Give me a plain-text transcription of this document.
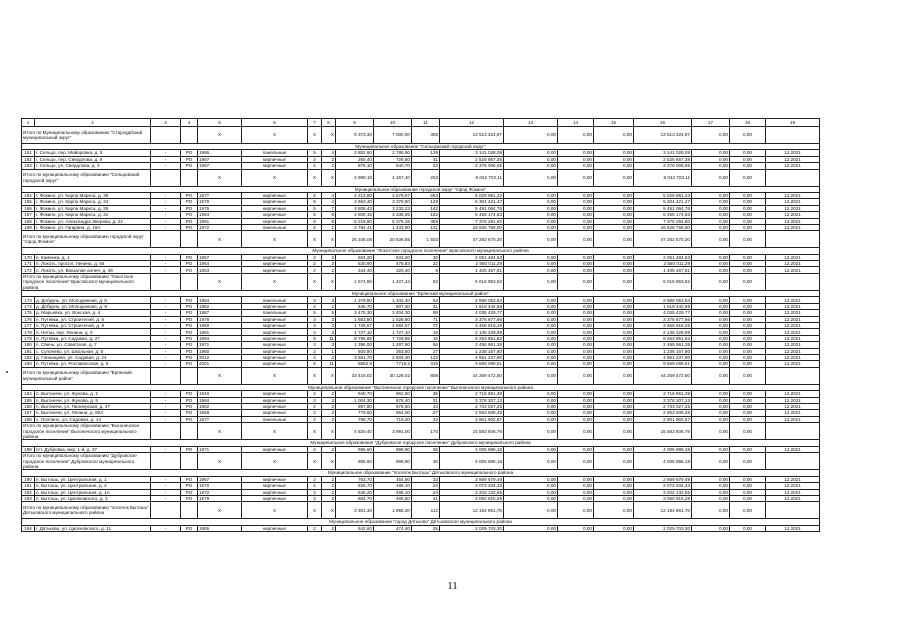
1	2	3	4	5	6	7	8	9	10	11	12	13	14	15	16	17	18	19
Итого по Муниципальному образованию "Староудбский муниципальный округ"				X	X	X	X	9 373,30	7 000,50	305	13 513 324,97	0,00	0,00	0,00	13 513 324,97	0,00	0,00	
Муниципальное образование "Сельцовский городской округ"																		
161	г. Сельцо, пер. Майоровка, д. 5	-	РО	1986	панельные	5	4	3 852,60	2 786,90	139	3 141 028,08	0,00	0,00	0,00	3 141 028,08	0,00	0,00	12.2021
162	г. Сельцо, пер. Свердлова, д. 9	-	РО	1987	кирпичные	2	2	260,40	729,80	41	2 525 667,38	0,00	0,00	0,00	2 525 667,38	0,00	0,00	12.2021
163	г. Сельцо, ул. Свердлова, д. 3	-	РО	1987	кирпичные	2	2	876,10	540,70	23	2 376 006,65	0,00	0,00	0,00	2 376 006,65	0,00	0,00	12.2021
Итого по муниципальному образованию "Сельцовский городской округ"				X	X	X	X	4 989,10	4 157,40	203	8 042 703,11	0,00	0,00	0,00	8 042 703,11	0,00	0,00	
Муниципальное образование городской округ "город Фокино"																		
164	г. Фокино, ул. Карла Маркса, д. 30	-	РО	1977	кирпичные	5	4	4 213,80	2 679,97	563	5 028 981,23	0,00	0,00	0,00	5 028 981,23	0,00	0,00	12.2021
165	г. Фокино, ул. Карла Маркса, д. 24	-	РО	1979	кирпичные	5	4	3 663,40	3 379,50	129	5 304 421,47	0,00	0,00	0,00	5 304 421,47	0,00	0,00	12.2021
166	г. Фокино, ул. Карла Маркса, д. 26	-	РО	1975	кирпичные	5	7	3 808,43	3 233,23	142	5 491 064,76	0,00	0,00	0,00	5 491 064,76	0,00	0,00	12.2021
167	г. Фокино, ул. Карла Маркса, д. 31	-	РО	1984	кирпичные	5	6	4 809,15	4 336,05	182	5 455 174,83	0,00	0,00	0,00	5 455 174,83	0,00	0,00	12.2021
168	г. Фокино, ул. Александра Зверева, д. 22	-	РО	1981	кирпичные	5	6	6 218,80	5 376,15	368	7 376 291,80	0,00	0,00	0,00	7 376 291,80	0,00	0,00	12.2021
169	г. Фокино, ул. Гагарина, д. 16А	-	РО	1972	панельные	5	1	2 784,41	1 433,90	121	18 626 756,00	0,00	0,00	0,00	18 626 756,00	0,00	0,00	12.2021
Итого по муниципальному образованию городской округ "город Фокино"				X	X	X	X	25 345,08	20 636,85	1 503	47 282 670,20	0,00	0,00	0,00	47 282 670,20	0,00	0,00	
Муниципальное образование "Локотское городское поселение" Брасовского муниципального района																		
170	п. Каменка, д. 1	-	РО	1967	кирпичные	2	2	604,20	631,20	36	2 061 484,63	0,00	0,00	0,00	2 061 484,63	0,00	0,00	12.2021
171	п. Локоть, проспл. Ленина, д. 65	-	РО	1964	кирпичные	2	2	530,90	475,83	22	2 550 011,29	0,00	0,00	0,00	2 550 011,29	0,00	0,00	12.2021
172	п. Локоть, ул. Вокзалая аллея, д. 49	-	РО	1953	кирпичные	2	2	344,40	320,40	5	1 405 457,81	0,00	0,00	0,00	1 405 457,81	0,00	0,00	12.2021
Итого по муниципальному образованию "Локотское городское поселение" Брасовского муниципального района				X	X	X	X	1 574,50	1 427,43	63	6 016 953,92	0,00	0,00	0,00	6 016 953,92	0,00	0,00	
Муниципальное образование "Брянский муниципальный район"																		
173	д. Добрунь, ул. Молодежная, д. 5	-	РО	1984	панельные	3	3	1 379,80	1 342,40	54	2 688 053,84	0,00	0,00	0,00	2 688 053,84	0,00	0,00	12.2021
174	д. Добрунь, ул. Молодежная, д. 9	-	РО	1982	кирпичные	2	2	645,70	607,30	31	1 619 442,69	0,00	0,00	0,00	1 619 442,69	0,00	0,00	12.2021
175	д. Марьевка, ул. Вонская, д. 4	-	РО	1987	панельные	5	5	3 475,30	3 404,30	98	4 035 429,77	0,00	0,00	0,00	4 035 429,77	0,00	0,00	12.2021
176	п. Путевка, ул. Строителей, д. 5	-	РО	1978	кирпичные	3	3	1 663,80	1 528,80	71	3 376 677,66	0,00	0,00	0,00	3 376 677,66	0,00	0,00	12.2021
177	п. Путевка, ул. Строителей, д. 9	-	РО	1980	кирпичные	3	3	1 729,57	1 564,57	72	3 456 819,26	0,00	0,00	0,00	3 456 819,26	0,00	0,00	12.2021
178	п. Нетьи, пер. Ленина, д. 5	-	РО	1981	кирпичные	4	3	1 727,10	1 727,10	19	2 136 229,89	0,00	0,00	0,00	2 136 229,89	0,00	0,00	12.2021
179	п. Путевка, ул. Садовая, д. 27	-	РО	1994	кирпичные	5	11	8 795,86	7 729,86	16	9 253 851,83	0,00	0,00	0,00	9 253 851,83	0,00	0,00	12.2021
180	п. Свень, ул. Советская, д. 7	-	РО	1971	кирпичные	3	3	1 396,00	1 287,90	56	2 495 961,35	0,00	0,00	0,00	2 495 961,35	0,00	0,00	12.2021
181	с. Супонево, ул. Школьная, д. 8	-	РО	1980	кирпичные	2	1	600,80	363,50	27	1 238 167,80	0,00	0,00	0,00	1 238 167,80	0,00	0,00	12.2021
182	д. Глинищево, ул. Садовая, д. 24	-	РО	2012	кирпичные	4	4	3 561,70	2 804,30	123	4 551 237,90	0,00	0,00	0,00	4 551 237,90	0,00	0,00	12.2021
183	п. Путевка, ул. Рославльская, д. 5	-	РО	2001	кирпичные	5	11	8652,9	7716,2	315	9 569 089,51	0,00	0,00	0,00	9 569 089,51	0,00	0,00	12.2021
Итого по муниципальному образованию "Брянский муниципальный район"				X	X	X	X	33 415,02	30 126,02	808	44 259 472,50	0,00	0,00	0,00	44 259 472,50	0,00	0,00	
Муниципальное образование "Выгоничское городское поселение" Выгоничского муниципального района																		
184	п. Выгоничи, ул. Жукова, д. 2	-	РО	1940	кирпичные	2	2	940,70	862,80	36	2 716 861,39	0,00	0,00	0,00	2 716 861,39	0,00	0,00	12.2021
185	п. Выгоничи, ул. Жукова, д. 5	-	РО	1984	кирпичные	3	3	1 004,30	878,40	31	3 378 207,13	0,00	0,00	0,00	3 378 207,13	0,00	0,00	12.2021
186	п. Выгоничи, ул. Пионерская, д. 47	-	РО	1962	кирпичные	2	2	997,80	876,50	43	2 733 027,25	0,00	0,00	0,00	2 733 027,25	0,00	0,00	12.2021
187	п. Выгоничи, ул. Ленина, д. 60А	-	РО	1958	кирпичные	2	2	779,60	654,00	27	2 853 608,45	0,00	0,00	0,00	2 853 608,45	0,00	0,00	12.2021
188	с. Полпино, ул. Садовая, д. 14	-	РО	1977	панельные	2	2	798,70	719,30	33	2 901 902,57	0,00	0,00	0,00	2 901 902,57	0,00	0,00	12.2021
Итого по муниципальному образованию "Выгоничское городское поселение" Выгоничского муниципального района				X	X	X	X	4 520,40	3 991,00	170	15 583 606,79	0,00	0,00	0,00	15 583 606,79	0,00	0,00	
Муниципальное образование "Дубровское городское поселение" Дубровского муниципального района																		
189	пгт. Дубровка, мкр. 1-й, д. 37	-	РО	1971	кирпичные	2	2	985,60	898,90	36	4 005 986,18	0,00	0,00	0,00	4 005 986,18	0,00	0,00	12.2021
Итого по муниципальному образованию "Дубровское городское поселение" Дубровского муниципального района				X	X	X	X	985,60	898,90	36	4 005 986,18	0,00	0,00	0,00	4 005 986,18	0,00	0,00	
Муниципальное образование "поселок Бытошь" Дятьковского муниципального района																		
190	п. Бытошь, ул. Центральная, д. 1	-	РО	1967	кирпичные	2	2	763,70	454,80	33	2 869 679,49	0,00	0,00	0,00	2 869 679,49	0,00	0,00	12.2021
191	п. Бытошь, ул. Центральная, д. 2	-	РО	1970	кирпичные	2	2	826,70	496,10	24	3 072 334,33	0,00	0,00	0,00	3 072 334,33	0,00	0,00	12.2021
192	п. Бытошь, ул. Центральная, д. 1А	-	РО	1972	кирпичные	2	2	846,20	496,10	24	3 202 132,65	0,00	0,00	0,00	3 202 132,65	0,00	0,00	12.2021
193	п. Бытошь, ул. Циолковского, д. 3	-	РО	1979	кирпичные	2	2	864,70	495,60	31	3 050 815,29	0,00	0,00	0,00	3 050 815,29	0,00	0,00	12.2021
Итого по муниципальному образованию "поселок Бытошь" Дятьковского муниципального района				X	X	X	X	3 301,30	1 958,20	112	12 194 961,76	0,00	0,00	0,00	12 194 961,76	0,00	0,00	
Муниципальное образование "город Дятьково" Дятьковского муниципального района																		
194	г. Дятьково, ул. Циолковского, д. 11	-	РО	1965	кирпичные	2	2	542,60	474,40	25	2 029 703,30	0,00	0,00	0,00	2 029 703,30	0,00	0,00	12.2021
11
